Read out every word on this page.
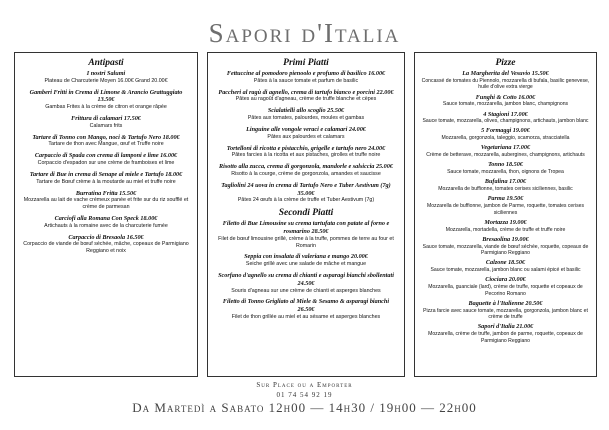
Sapori d'Italia
Antipasti
I nostri Salumi
Plateau de Charcuterie Moyen 16.00€ Grand 20.00€
Gamberi Fritti in Crema di Limone & Arancio Grattuggiato 13.50€
Gambas Frites à la crème de citron et orange râpée
Frittura di calamari 17.50€
Calamars frits
Tartare di Tonno con Mango, noci & Tartufo Nero 18.00€
Tartare de thon avec Mangue, œuf et Truffe noire
Carpaccio di Spada con crema di lamponi e lime 16.00€
Corpaccio d'espadon sur une crème de framboises et lime
Tartare di Bue in crema di Senape al miele e Tartufo 18.00€
Tartare de Bœuf crème à la moutarde au miel et truffe noire
Burratina Fritta 15.50€
Mozzarella au lait de vache crémeux panée et frite sur du riz soufflé et crème de parmesan
Carciofi alla Romana Con Speck 18.00€
Artichauts à la romaine avec de la charcuterie fumée
Carpaccio di Bresaola 16.50€
Corpaccio de viande de bœuf séchée, mâche, copeaux de Parmigiano Reggiano et noix
Primi Piatti
Fettuccine al pomodoro pienoolo e profumo di basilico 16.00€
Pâtes à la sauce tomate et parfum de basilic
Paccheri al ragù di agnello, crema di tartufo bianco e porcini 22.00€
Pâtes au ragoût d'agneau, crème de truffe blanche et cèpes
Scialatielli allo scoglio 25.50€
Pâtes aux tomates, palourdes, moules et gambas
Linguine alle vongole veraci e calamari 24.00€
Pâtes aux palourdes et calamars
Tortelloni di ricotta e pistacchio, grigelle e tartufo nero 24.00€
Pâtes farcies à la ricotta et aux pistaches, girolles et truffe noire
Risotto alla zucca, crema di gorgonzola, mandorle e salsiccia 25.00€
Risotto à la courge, crème de gorgonzola, amandes et saucisse
Tagliolini 24 uova in crema di Tartufo Nero e Tuber Aestivum (7g) 35.00€
Pâtes 24 œufs à la crème de truffe et Tuber Aestivum (7g)
Secondi Piatti
Filetto di Bue Limousine su crema tartufata con patate al forno e rosmarino 28.50€
Filet de bœuf limousine grillé, crème à la truffe, pommes de terre au four et Romarin
Seppia con insalata di valeriana e mango 20.00€
Seiche grillé avec une salade de mâche et mangue
Scorfano d'agnello su crema di chianti e asparagi bianchi sbollentati 24.50€
Souris d'agneau sur une crème de chianti et asperges blanches
Filetto di Tonno Grigliato al Miele & Sesamo & asparagi bianchi 26.50€
Filet de thon grillée au miel et au sésame et asperges blanches
Pizze
La Margherita del Vesuvio 15.50€
Concassé de tomates du Piennolo, mozzarella di bufala, basilic genevese, huile d'olive extra vierge
Funghi & Cotto 16.00€
Sauce tomate, mozzarella, jambon blanc, champignons
4 Stagioni 17.00€
Sauce tomate, mozzarella, olives, champignons, artichauts, jambon blanc
5 Formaggi 19.00€
Mozzarella, gorgonzola, taleggio, scamorza, stracciatella
Vegetariana 17.00€
Crème de betterave, mozzarella, aubergines, champignons, artichauts
Tonno 18.50€
Sauce tomate, mozzarella, thon, oignons de Tropea
Bufalina 17.00€
Mozzarella de buffionne, tomates cerises siciliennes, basilic
Parma 19.50€
Mozzarella de buffionne, jambon de Parme, roquette, tomates cerises siciliennes
Mortazza 19.00€
Mozzarella, mortadella, crème de truffe et truffe noire
Bresaolina 19.00€
Sauce tomate, mozzarella, viande de bœuf séchée, roquette, copeaux de Parmigiano Reggiano
Calzone 18.50€
Sauce tomate, mozzarella, jambon blanc ou salami épicé et basilic
Ciociara 20.00€
Mozzarella, guanciale (lard), crème de truffe, roquette et copeaux de Pecorino Romano
Baguette à l'Italienne 20.50€
Pizza farcie avec sauce tomate, mozzarella, gorgonzola, jambon blanc et crème de truffe
Sapori d'Italia 21.00€
Mozzarella, crème de truffe, jambon de parme, roquette, copeaux de Parmigiano Reggiano
Sur Place ou a Emporter
01 74 54 92 19
Da Martedì a Sabato 12h00 — 14h30 / 19h00 — 22h00
